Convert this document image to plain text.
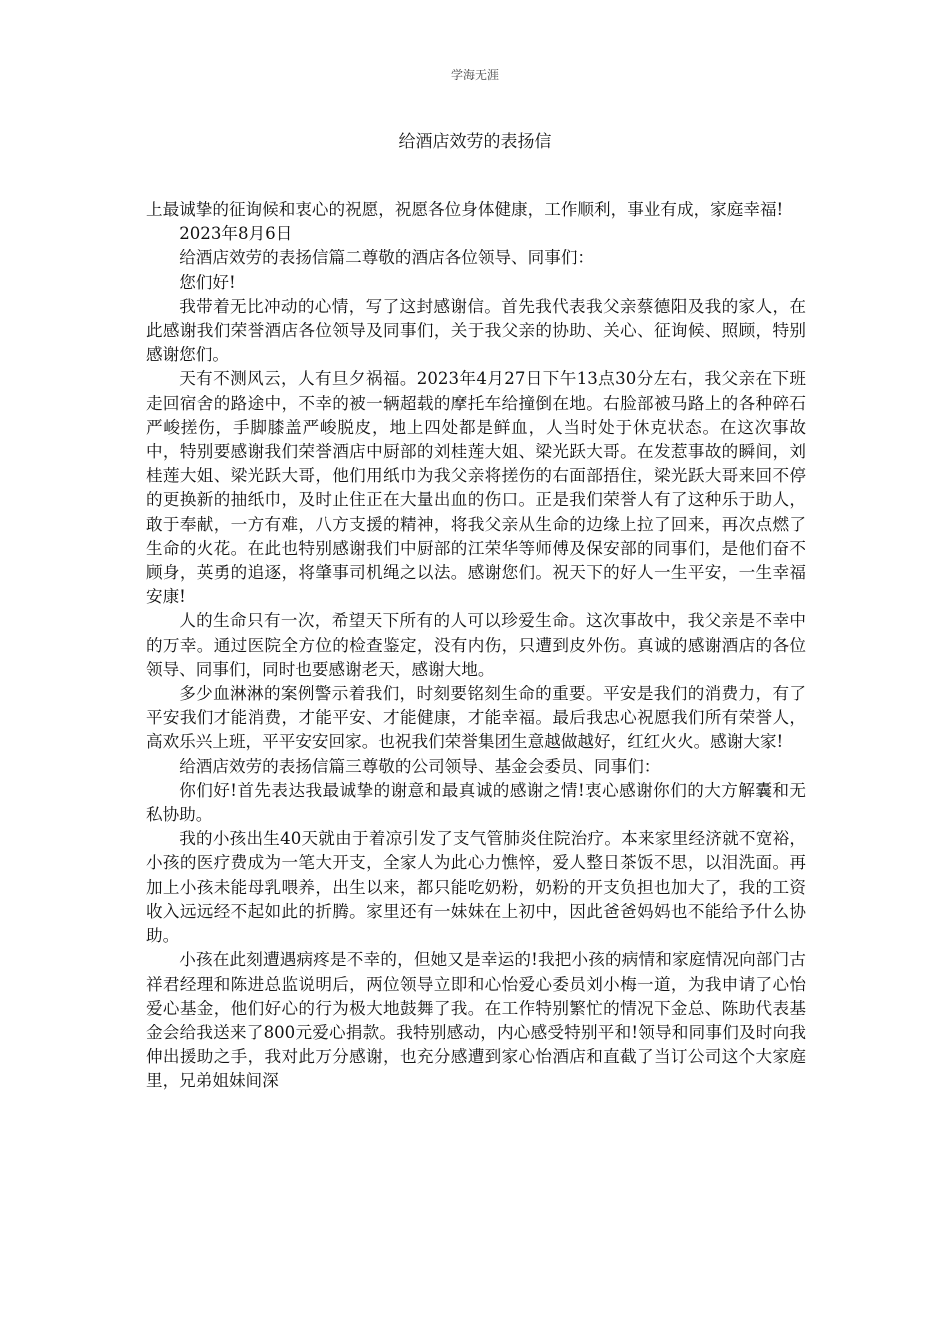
学海无涯
给酒店效劳的表扬信

上最诚挚的征询候和衷心的祝愿，祝愿各位身体健康，工作顺利，事业有成，家庭幸福!

2023年8月6日

给酒店效劳的表扬信篇二尊敬的酒店各位领导、同事们：

您们好!

我带着无比冲动的心情，写了这封感谢信。首先我代表我父亲蔡德阳及我的家人，在此感谢我们荣誉酒店各位领导及同事们，关于我父亲的协助、关心、征询候、照顾，特别感谢您们。

天有不测风云，人有旦夕祸福。2023年4月27日下午13点30分左右，我父亲在下班走回宿舍的路途中，不幸的被一辆超载的摩托车给撞倒在地。右脸部被马路上的各种碎石严峻搓伤，手脚膝盖严峻脱皮，地上四处都是鲜血，人当时处于休克状态。在这次事故中，特别要感谢我们荣誉酒店中厨部的刘桂莲大姐、梁光跃大哥。在发惹事故的瞬间，刘桂莲大姐、梁光跃大哥，他们用纸巾为我父亲将搓伤的右面部捂住，梁光跃大哥来回不停的更换新的抽纸巾，及时止住正在大量出血的伤口。正是我们荣誉人有了这种乐于助人，敢于奉献，一方有难，八方支援的精神，将我父亲从生命的边缘上拉了回来，再次点燃了生命的火花。在此也特别感谢我们中厨部的江荣华等师傅及保安部的同事们，是他们奋不顾身，英勇的追逐，将肇事司机绳之以法。感谢您们。祝天下的好人一生平安，一生幸福安康!

人的生命只有一次，希望天下所有的人可以珍爱生命。这次事故中，我父亲是不幸中的万幸。通过医院全方位的检查鉴定，没有内伤，只遭到皮外伤。真诚的感谢酒店的各位领导、同事们，同时也要感谢老天，感谢大地。

多少血淋淋的案例警示着我们，时刻要铭刻生命的重要。平安是我们的消费力，有了平安我们才能消费，才能平安、才能健康，才能幸福。最后我忠心祝愿我们所有荣誉人，高欢乐兴上班，平平安安回家。也祝我们荣誉集团生意越做越好，红红火火。感谢大家!

给酒店效劳的表扬信篇三尊敬的公司领导、基金会委员、同事们：

你们好!首先表达我最诚挚的谢意和最真诚的感谢之情!衷心感谢你们的大方解囊和无私协助。

我的小孩出生40天就由于着凉引发了支气管肺炎住院治疗。本来家里经济就不宽裕，小孩的医疗费成为一笔大开支，全家人为此心力憔悴，爱人整日茶饭不思，以泪洗面。再加上小孩未能母乳喂养，出生以来，都只能吃奶粉，奶粉的开支负担也加大了，我的工资收入远远经不起如此的折腾。家里还有一妹妹在上初中，因此爸爸妈妈也不能给予什么协助。

小孩在此刻遭遇病疼是不幸的，但她又是幸运的!我把小孩的病情和家庭情况向部门古祥君经理和陈进总监说明后，两位领导立即和心怡爱心委员刘小梅一道，为我申请了心怡爱心基金，他们好心的行为极大地鼓舞了我。在工作特别繁忙的情况下金总、陈助代表基金会给我送来了800元爱心捐款。我特别感动，内心感受特别平和!领导和同事们及时向我伸出援助之手，我对此万分感谢，也充分感遭到家心怡酒店和直截了当订公司这个大家庭里，兄弟姐妹间深
